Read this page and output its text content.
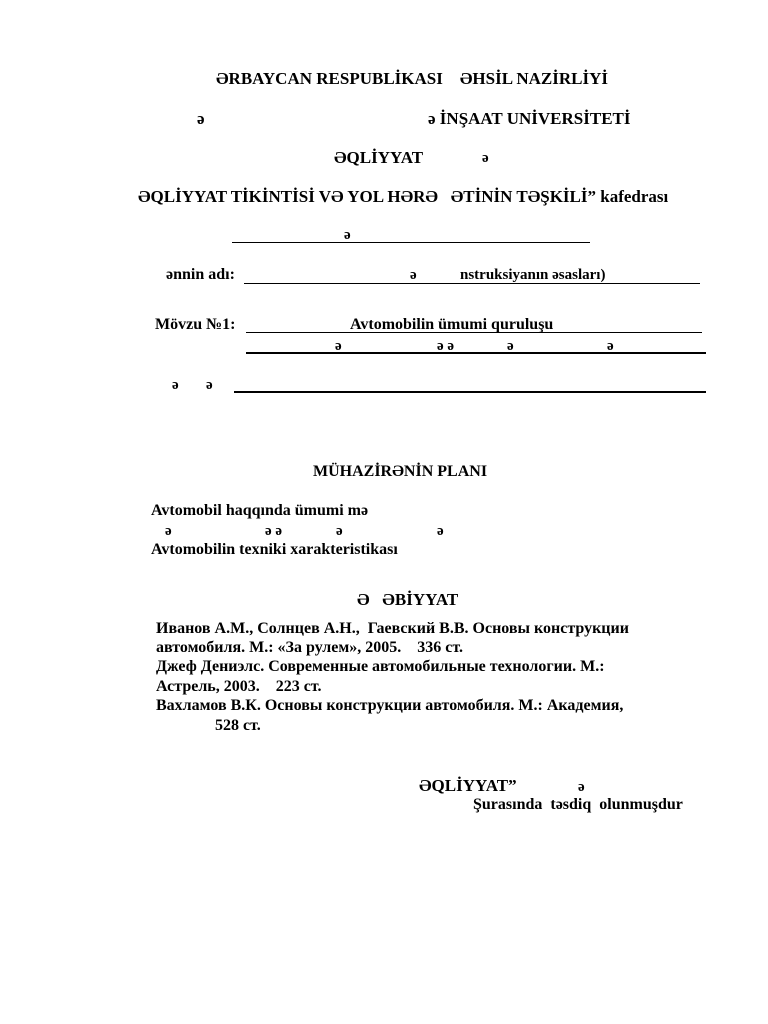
ƏRBAYCAN RESPUBLİKASI    ƏHSİL NAZİRLİYİ
ə	ə İNŞAAT UNİVERSİTETİ
ƏQLİYYAT	ə
ƏQLİYYAT TİKİNTİSİ VƏ YOL HƏRƏ   ƏTİNİN TƏŞKİLİ” kafedrası
ə
ənnin adı:	ə	nstruksiyanın əsasları)
Mövzu №1:	Avtomobilin ümumi quruluşu
ə	ə ə	ə	ə
ə ə
MÜHAZİRƏNİN PLANI
Avtomobil haqqında ümumi mə
ə	ə ə	ə	ə
Avtomobilin texniki xarakteristikası
Ə   ƏBİYYAT
Иванов А.М., Солнцев А.Н.,  Гаевский В.В. Основы конструкции
автомобиля. М.: «За рулем», 2005.    336 ст.
Джеф Дениэлс. Современные автомобильные технологии. М.:
Астрель, 2003.    223 ст.
Вахламов В.К. Основы конструкции автомобиля. М.: Академия,
528 ст.
ƏQLİYYAT”	ə
Şurasında  təsdiq  olunmuşdur
